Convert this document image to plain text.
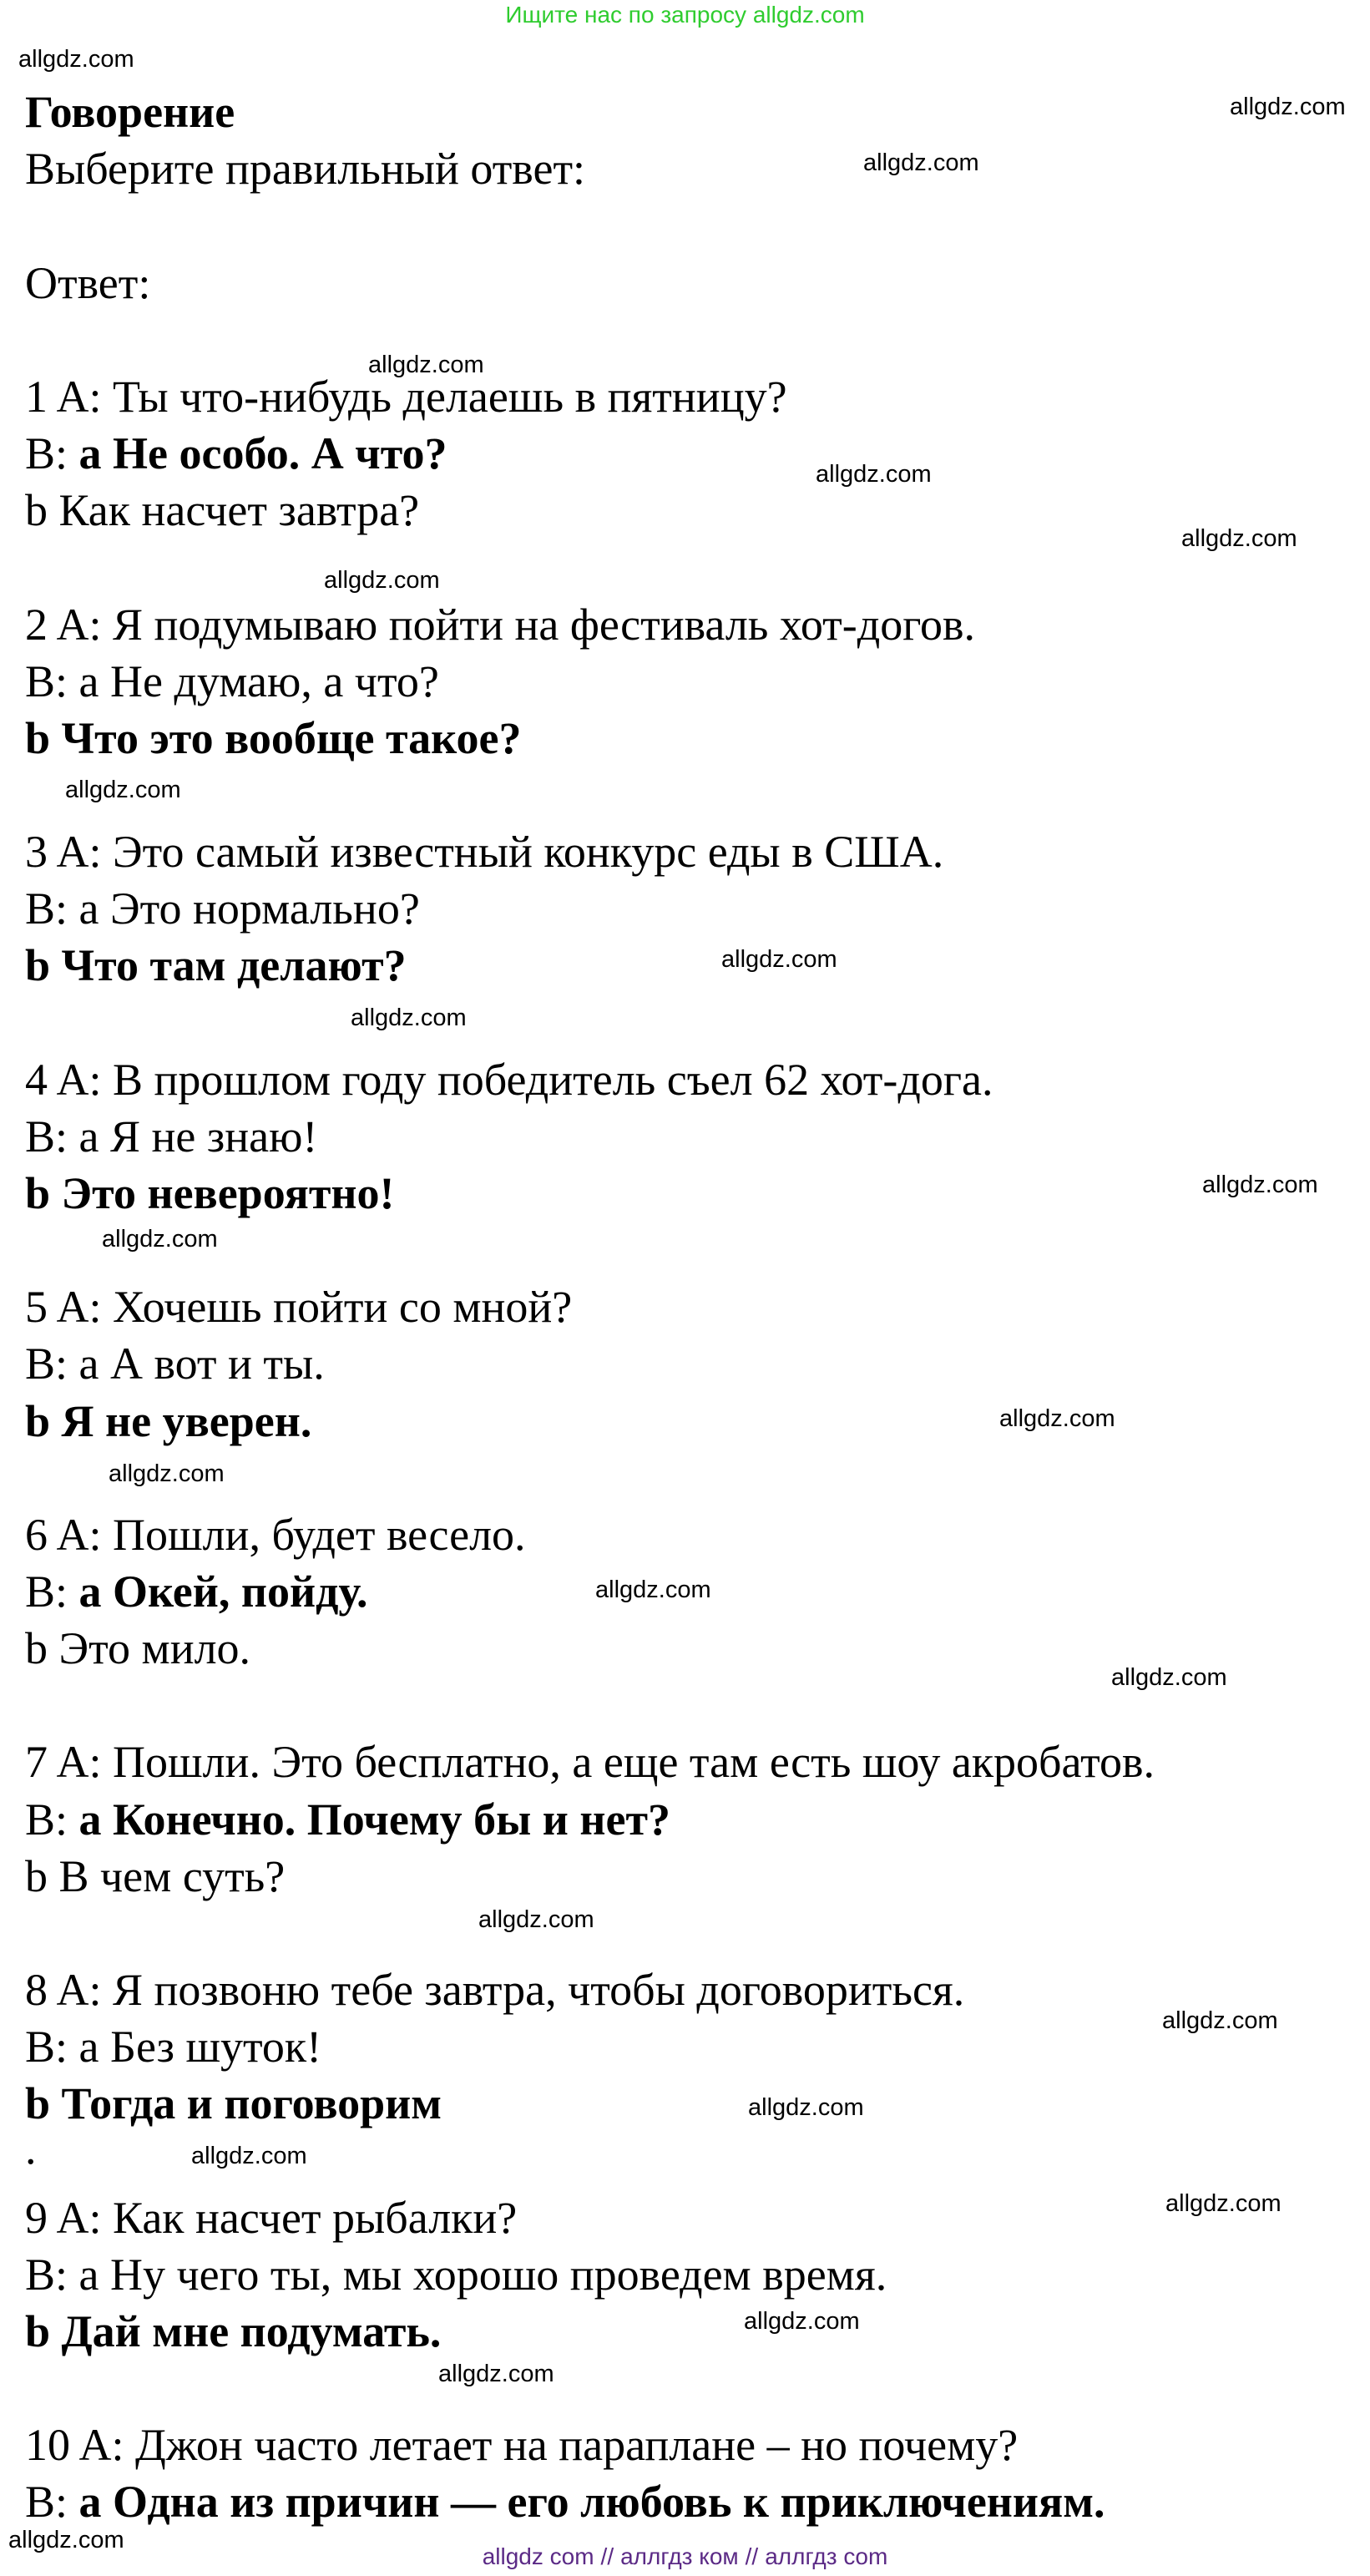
Ищите нас по запросу allgdz.com
allgdz.com
allgdz.com
allgdz.com
allgdz.com
allgdz.com
allgdz.com
allgdz.com
allgdz.com
allgdz.com
allgdz.com
allgdz.com
allgdz.com
allgdz.com
allgdz.com
allgdz.com
allgdz.com
allgdz.com
allgdz.com
allgdz.com
allgdz.com
allgdz.com
allgdz.com
allgdz.com
allgdz.com
Говорение
Выберите правильный ответ:
Ответ:
1 A: Ты что-нибудь делаешь в пятницу?
B: a Не особо. А что?
b Как насчет завтра?
2 A: Я подумываю пойти на фестиваль хот-догов.
B: a Не думаю, а что?
b Что это вообще такое?
3 A: Это самый известный конкурс еды в США.
B: a Это нормально?
b Что там делают?
4 A: В прошлом году победитель съел 62 хот-дога.
B: a Я не знаю!
b Это невероятно!
5 A: Хочешь пойти со мной?
B: a А вот и ты.
b Я не уверен.
6 A: Пошли, будет весело.
B: a Окей, пойду.
b Это мило.
7 A: Пошли. Это бесплатно, а еще там есть шоу акробатов.
B: a Конечно. Почему бы и нет?
b В чем суть?
8 A: Я позвоню тебе завтра, чтобы договориться.
B: a Без шуток!
b Тогда и поговорим
.
9 A: Как насчет рыбалки?
B: a Ну чего ты, мы хорошо проведем время.
b Дай мне подумать.
10 A: Джон часто летает на параплане – но почему?
B: a Одна из причин — его любовь к приключениям.
allgdz com // аллгдз ком // аллгдз com
